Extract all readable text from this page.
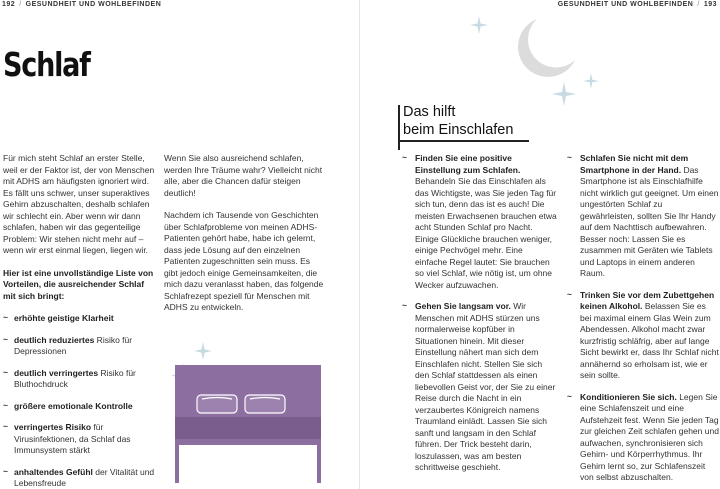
192 / GESUNDHEIT UND WOHLBEFINDEN	GESUNDHEIT UND WOHLBEFINDEN / 193
Schlaf

Für mich steht Schlaf an erster Stelle, weil er der Faktor ist, der von Menschen mit ADHS am häufigsten ignoriert wird. Es fällt uns schwer, unser superaktives Gehirn abzuschalten, deshalb schlafen wir schlecht ein. Aber wenn wir dann schlafen, haben wir das gegenteilige Problem: Wir stehen nicht mehr auf – wenn wir erst einmal liegen, liegen wir.

Hier ist eine unvollständige Liste von Vorteilen, die ausreichender Schlaf mit sich bringt:

~ erhöhte geistige Klarheit
~ deutlich reduziertes Risiko für Depressionen
~ deutlich verringertes Risiko für Bluthochdruck
~ größere emotionale Kontrolle
~ verringertes Risiko für Virusinfektionen, da Schlaf das Immunsystem stärkt
~ anhaltendes Gefühl der Vitalität und Lebensfreude

Wenn Sie also ausreichend schlafen, werden Ihre Träume wahr? Vielleicht nicht alle, aber die Chancen dafür steigen deutlich!

Nachdem ich Tausende von Geschichten über Schlafprobleme von meinen ADHS-Patienten gehört habe, habe ich gelernt, dass jede Lösung auf den einzelnen Patienten zugeschnitten sein muss. Es gibt jedoch einige Gemeinsamkeiten, die mich dazu veranlasst haben, das folgende Schlafrezept speziell für Menschen mit ADHS zu entwickeln.

Das hilft
beim Einschlafen
~ Finden Sie eine positive Einstellung zum Schlafen. Behandeln Sie das Einschlafen als das Wichtigste, was Sie jeden Tag für sich tun, denn das ist es auch! Die meisten Erwachsenen brauchen etwa acht Stunden Schlaf pro Nacht. Einige Glückliche brauchen weniger, einige Pechvögel mehr. Eine einfache Regel lautet: Sie brauchen so viel Schlaf, wie nötig ist, um ohne Wecker aufzuwachen.
~ Gehen Sie langsam vor. Wir Menschen mit ADHS stürzen uns normalerweise kopfüber in Situationen hinein. Mit dieser Einstellung nähert man sich dem Einschlafen nicht. Stellen Sie sich den Schlaf stattdessen als einen liebevollen Geist vor, der Sie zu einer Reise durch die Nacht in ein verzaubertes Königreich namens Traumland einlädt. Lassen Sie sich sanft und langsam in den Schlaf führen. Der Trick besteht darin, loszulassen, was am besten schrittweise geschieht.
~ Schlafen Sie nicht mit dem Smartphone in der Hand. Das Smartphone ist als Einschlafhilfe nicht wirklich gut geeignet. Um einen ungestörten Schlaf zu gewährleisten, sollten Sie Ihr Handy auf dem Nachttisch aufbewahren. Besser noch: Lassen Sie es zusammen mit Geräten wie Tablets und Laptops in einem anderen Raum.
~ Trinken Sie vor dem Zubettgehen keinen Alkohol. Belassen Sie es bei maximal einem Glas Wein zum Abendessen. Alkohol macht zwar kurzfristig schläfrig, aber auf lange Sicht bewirkt er, dass Ihr Schlaf nicht annähernd so erholsam ist, wie er sein sollte.
~ Konditionieren Sie sich. Legen Sie eine Schlafenszeit und eine Aufstehzeit fest. Wenn Sie jeden Tag zur gleichen Zeit schlafen gehen und aufwachen, synchronisieren sich Gehirn- und Körperrhythmus. Ihr Gehirn lernt so, zur Schlafenszeit von selbst abzuschalten.
